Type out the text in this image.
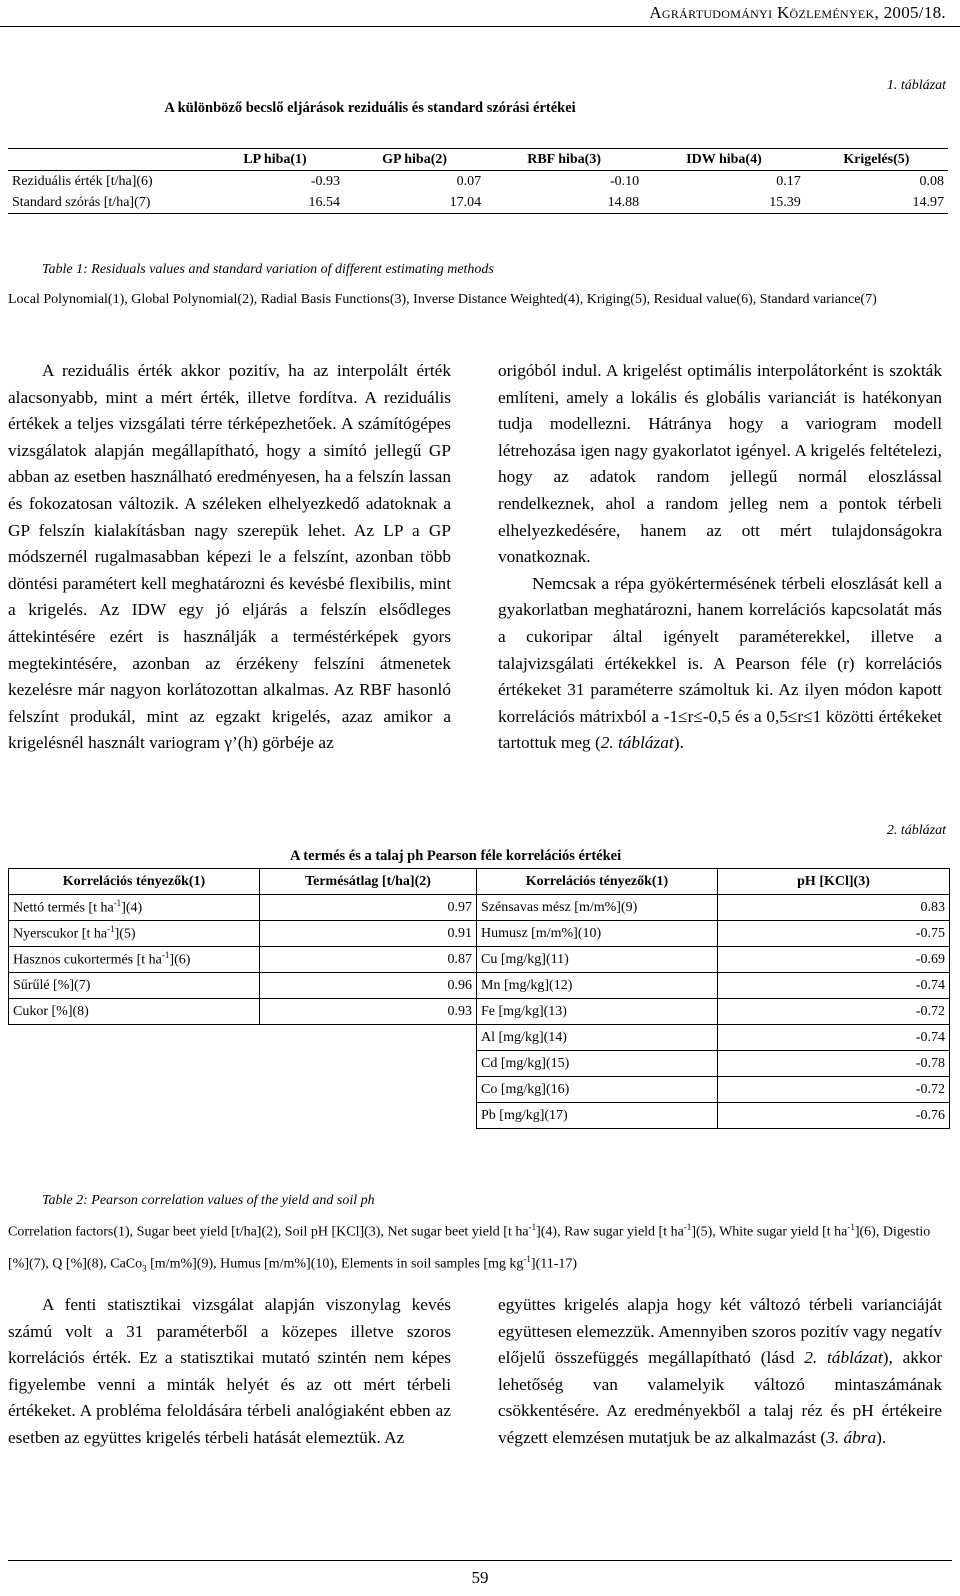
Agrártudományi Közlemények, 2005/18.
1. táblázat
A különböző becslő eljárások reziduális és standard szórási értékei
	LP hiba(1)	GP hiba(2)	RBF hiba(3)	IDW hiba(4)	Krigelés(5)
Reziduális érték [t/ha](6)	-0.93	0.07	-0.10	0.17	0.08
Standard szórás [t/ha](7)	16.54	17.04	14.88	15.39	14.97
Table 1: Residuals values and standard variation of different estimating methods
Local Polynomial(1), Global Polynomial(2), Radial Basis Functions(3), Inverse Distance Weighted(4), Kriging(5), Residual value(6), Standard variance(7)

A reziduális érték akkor pozitív, ha az interpolált érték alacsonyabb, mint a mért érték, illetve fordítva. A reziduális értékek a teljes vizsgálati térre térképezhetőek. A számítógépes vizsgálatok alapján megállapítható, hogy a simító jellegű GP abban az esetben használható eredményesen, ha a felszín lassan és fokozatosan változik. A széleken elhelyezkedő adatoknak a GP felszín kialakításban nagy szerepük lehet. Az LP a GP módszernél rugalmasabban képezi le a felszínt, azonban több döntési paramétert kell meghatározni és kevésbé flexibilis, mint a krigelés. Az IDW egy jó eljárás a felszín elsődleges áttekintésére ezért is használják a terméstérképek gyors megtekintésére, azonban az érzékeny felszíni átmenetek kezelésre már nagyon korlátozottan alkalmas. Az RBF hasonló felszínt produkál, mint az egzakt krigelés, azaz amikor a krigelésnél használt variogram γ’(h) görbéje az

origóból indul. A krigelést optimális interpolátorként is szokták említeni, amely a lokális és globális varianciát is hatékonyan tudja modellezni. Hátránya hogy a variogram modell létrehozása igen nagy gyakorlatot igényel. A krigelés feltételezi, hogy az adatok random jellegű normál eloszlással rendelkeznek, ahol a random jelleg nem a pontok térbeli elhelyezkedésére, hanem az ott mért tulajdonságokra vonatkoznak.

Nemcsak a répa gyökértermésének térbeli eloszlását kell a gyakorlatban meghatározni, hanem korrelációs kapcsolatát más a cukoripar által igényelt paraméterekkel, illetve a talajvizsgálati értékekkel is. A Pearson féle (r) korrelációs értékeket 31 paraméterre számoltuk ki. Az ilyen módon kapott korrelációs mátrixból a -1≤r≤-0,5 és a 0,5≤r≤1 közötti értékeket tartottuk meg (2. táblázat).

2. táblázat
A termés és a talaj ph Pearson féle korrelációs értékei
Korrelációs tényezők(1)	Termésátlag [t/ha](2)	Korrelációs tényezők(1)	pH [KCl](3)
Nettó termés [t $ha^{-1}](4)$	0.97	Szénsavas mész [m/m%](9)	0.83
Nyerscukor [t $ha^{-1}](5)$	0.91	Humusz [m/m%](10)	-0.75
Hasznos cukortermés [t $ha^{-1}](6)$	0.87	Cu [mg/kg](11)	-0.69
Sűrűlé [%](7)	0.96	Mn [mg/kg](12)	-0.74
Cukor [%](8)	0.93	Fe [mg/kg](13)	-0.72
		Al [mg/kg](14)	-0.74
		Cd [mg/kg](15)	-0.78
		Co [mg/kg](16)	-0.72
		Pb [mg/kg](17)	-0.76
Table 2: Pearson correlation values of the yield and soil ph
Correlation factors(1), Sugar beet yield [t/ha](2), Soil pH [KCl](3), Net sugar beet yield [t $ha^{-1}](4)$, Raw sugar yield [t $ha^{-1}](5)$, White sugar yield [t $ha^{-1}](6)$, Digestio [%](7), Q [%](8), CaCo$_3$ [m/m%](9), Humus [m/m%](10), Elements in soil samples [mg $kg^{-1}](11-17)$

A fenti statisztikai vizsgálat alapján viszonylag kevés számú volt a 31 paraméterből a közepes illetve szoros korrelációs érték. Ez a statisztikai mutató szintén nem képes figyelembe venni a minták helyét és az ott mért térbeli értékeket. A probléma feloldására térbeli analógiaként ebben az esetben az együttes krigelés térbeli hatását elemeztük. Az

együttes krigelés alapja hogy két változó térbeli varianciáját együttesen elemezzük. Amennyiben szoros pozitív vagy negatív előjelű összefüggés megállapítható (lásd 2. táblázat), akkor lehetőség van valamelyik változó mintaszámának csökkentésére. Az eredményekből a talaj réz és pH értékeire végzett elemzésen mutatjuk be az alkalmazást (3. ábra).

59
